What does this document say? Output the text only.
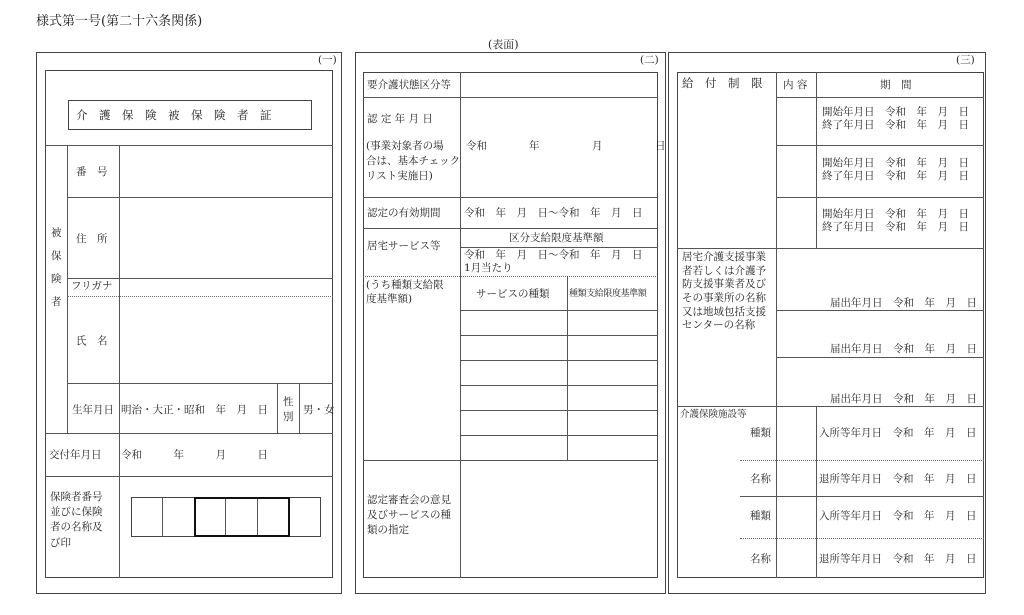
様式第一号(第二十六条関係)
(表面)
(一)
介　護　保　険　被　保　険　者　証
被

保

険

者
番　号
住　所
フリガナ
氏　名
生年月日 明治・大正・昭和　年　月　日
性
別
男・女
交付年月日 令和　　　年　　　月　　　日
保険者番号
並びに保険
者の名称及
び印
(二)
要介護状態区分等
認 定 年 月 日
(事業対象者の場
合は、基本チェック
リスト実施日)
令和　　　　年　　　　　月　　　　　日
認定の有効期間 令和　年　月　日〜令和　年　月　日
居宅サービス等
区分支給限度基準額
令和　年　月　日〜令和　年　月　日
1月当たり
(うち種類支給限
度基準額)	サービスの種類 種類支給限度基準額
認定審査会の意見
及びサービスの種
類の指定
(三)
給　付　制　限 内 容	期　間
開始年月日　令和　年　月　日
終了年月日　令和　年　月　日
開始年月日　令和　年　月　日
終了年月日　令和　年　月　日
開始年月日　令和　年　月　日
終了年月日　令和　年　月　日
居宅介護支援事業
者若しくは介護予
防支援事業者及び
その事業所の名称
又は地域包括支援
センターの名称
届出年月日　令和　年　月　日
届出年月日　令和　年　月　日
届出年月日　令和　年　月　日
介護保険施設等
種類
名称
種類
名称
入所等年月日　令和　年　月　日
退所等年月日　令和　年　月　日
入所等年月日　令和　年　月　日
退所等年月日　令和　年　月　日
